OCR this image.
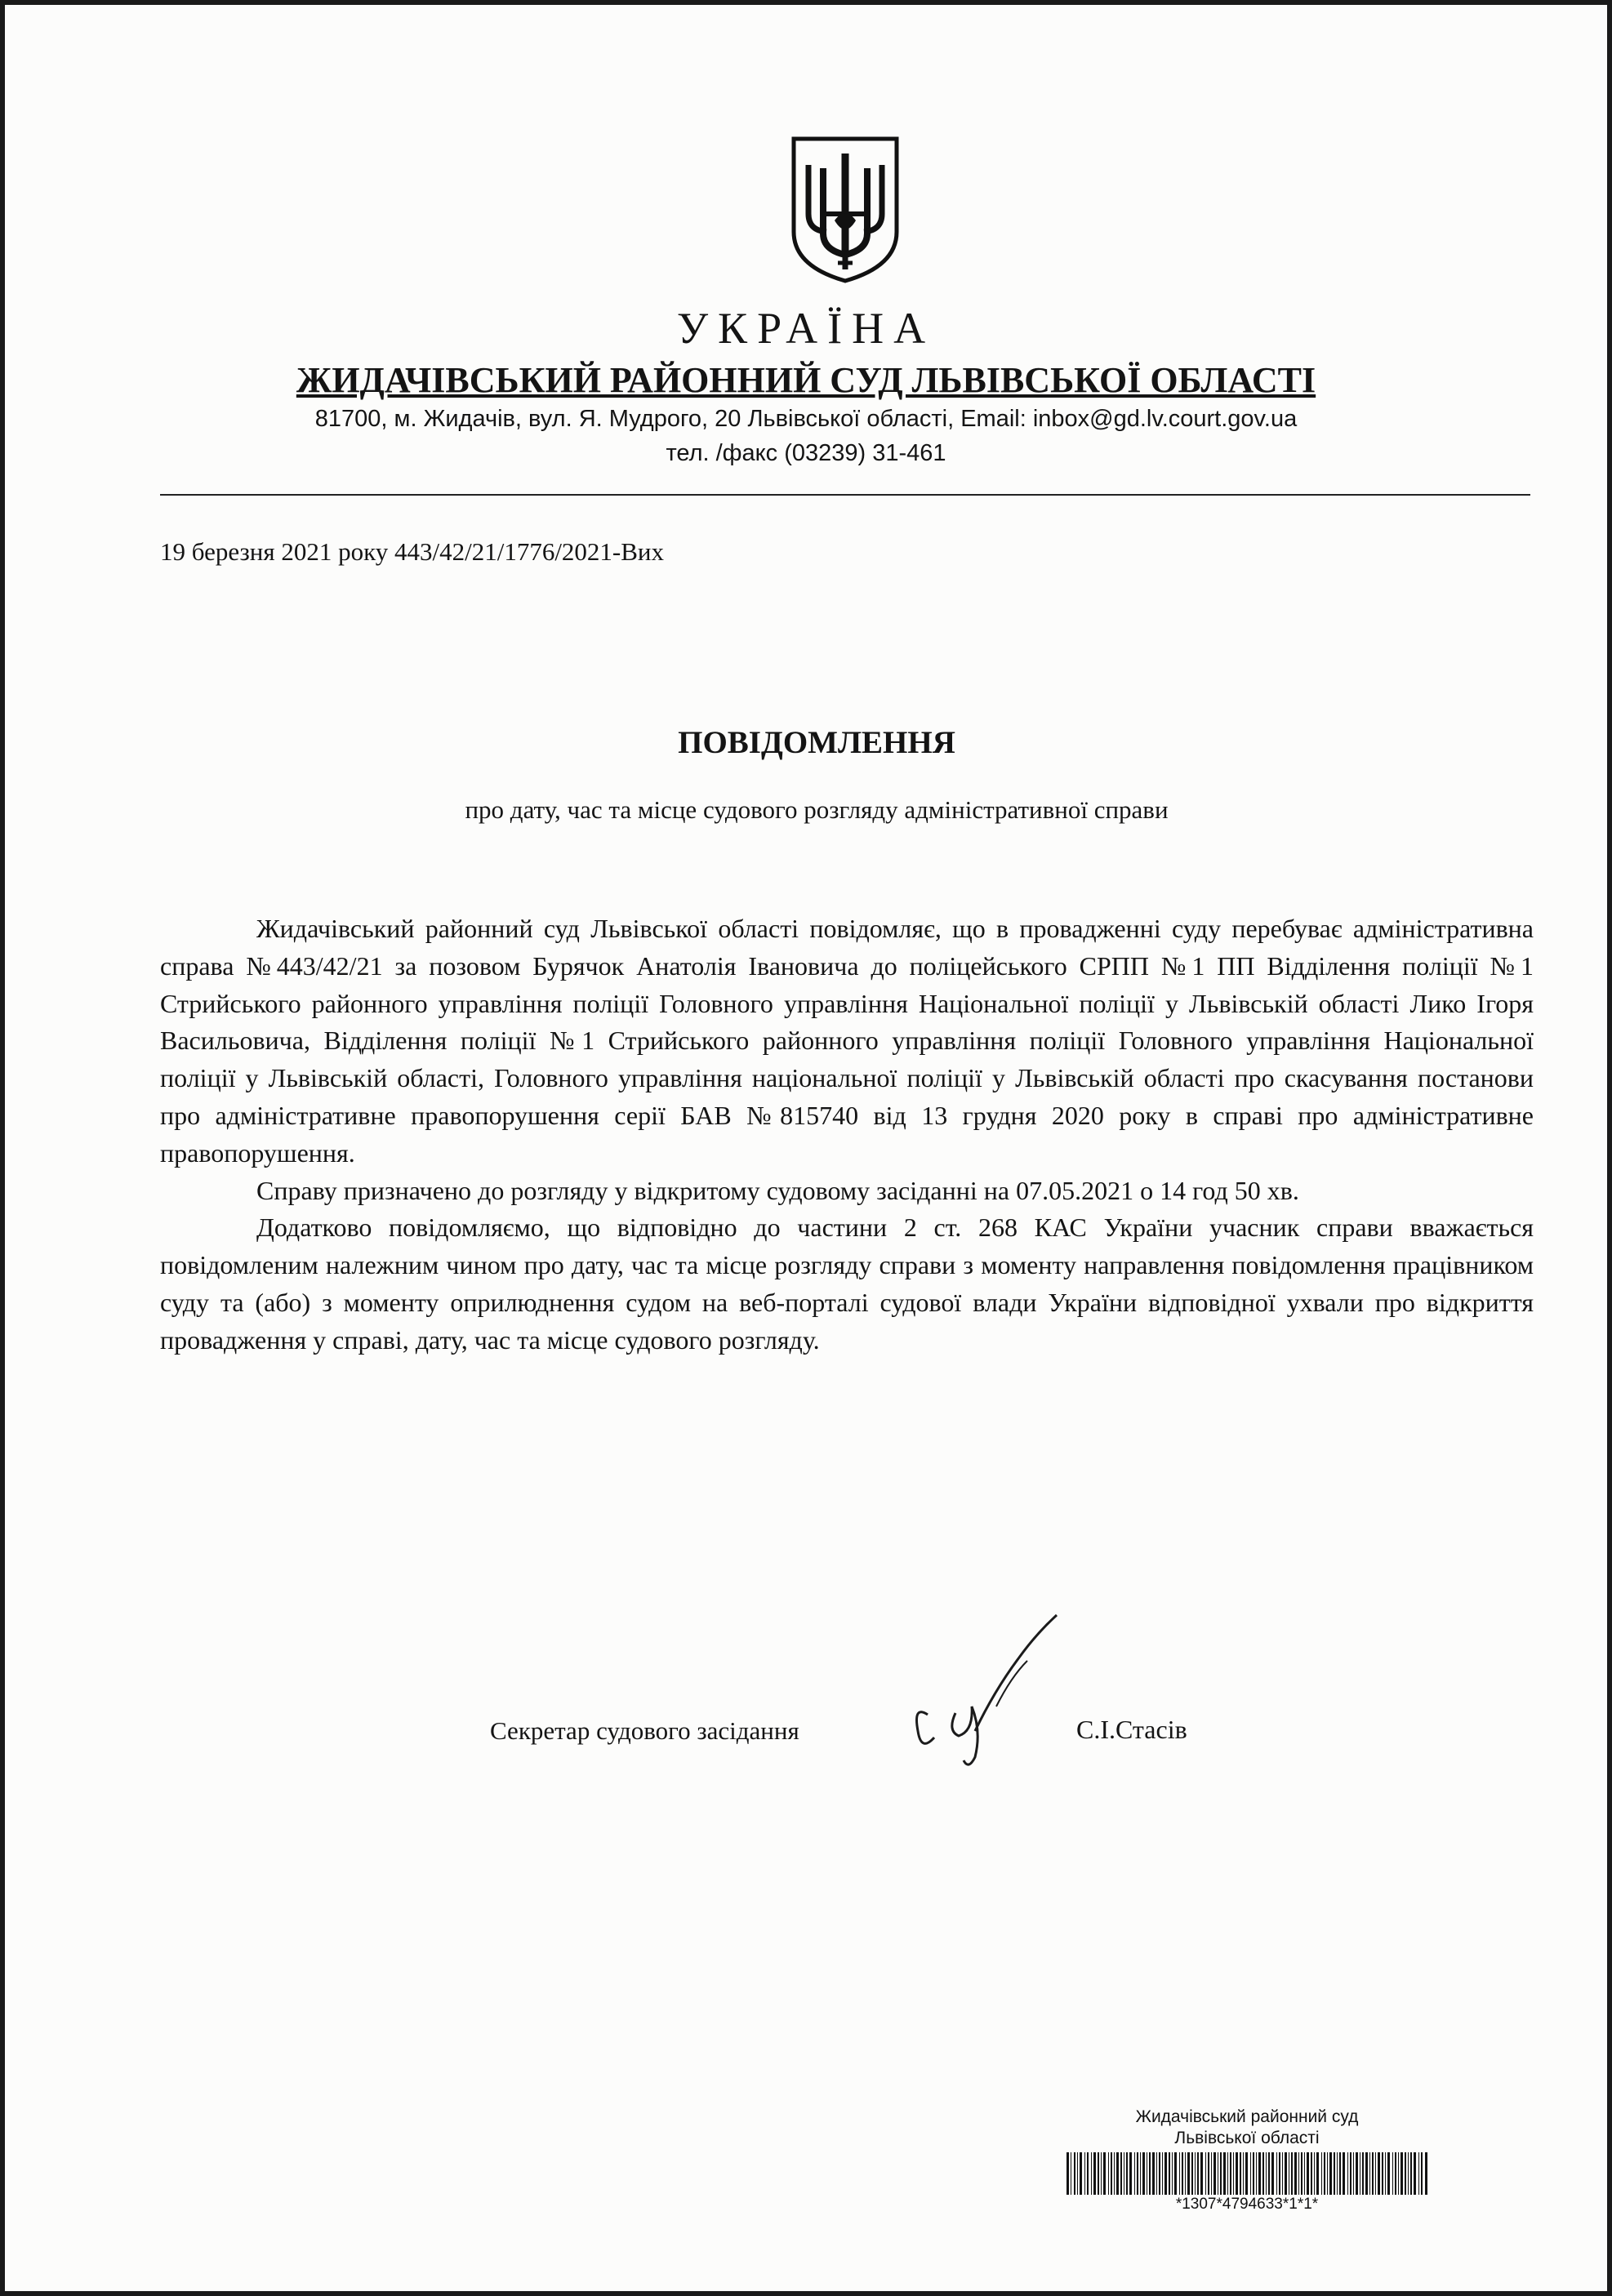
УКРАЇНА
ЖИДАЧІВСЬКИЙ РАЙОННИЙ СУД ЛЬВІВСЬКОЇ ОБЛАСТІ
81700, м. Жидачів, вул. Я. Мудрого, 20 Львівської області, Email: inbox@gd.lv.court.gov.ua
тел. /факс (03239) 31-461
19 березня 2021 року 443/42/21/1776/2021-Вих
ПОВІДОМЛЕННЯ
про дату, час та місце судового розгляду адміністративної справи

Жидачівський районний суд Львівської області повідомляє, що в провадженні суду перебуває адміністративна справа №443/42/21 за позовом Бурячок Анатолія Івановича до поліцейського СРПП №1 ПП Відділення поліції №1 Стрийського районного управління поліції Головного управління Національної поліції у Львівській області Лико Ігоря Васильовича, Відділення поліції №1 Стрийського районного управління поліції Головного управління Національної поліції у Львівській області, Головного управління національної поліції у Львівській області про скасування постанови про адміністративне правопорушення серії БАВ №815740 від 13 грудня 2020 року в справі про адміністративне правопорушення.

Справу призначено до розгляду у відкритому судовому засіданні на 07.05.2021 о 14 год 50 хв.

Додатково повідомляємо, що відповідно до частини 2 ст. 268 КАС України учасник справи вважається повідомленим належним чином про дату, час та місце розгляду справи з моменту направлення повідомлення працівником суду та (або) з моменту оприлюднення судом на веб-порталі судової влади України відповідної ухвали про відкриття провадження у справі, дату, час та місце судового розгляду.

Секретар судового засідання	С.І.Стасів
Жидачівський районний суд
Львівської області
*1307*4794633*1*1*
